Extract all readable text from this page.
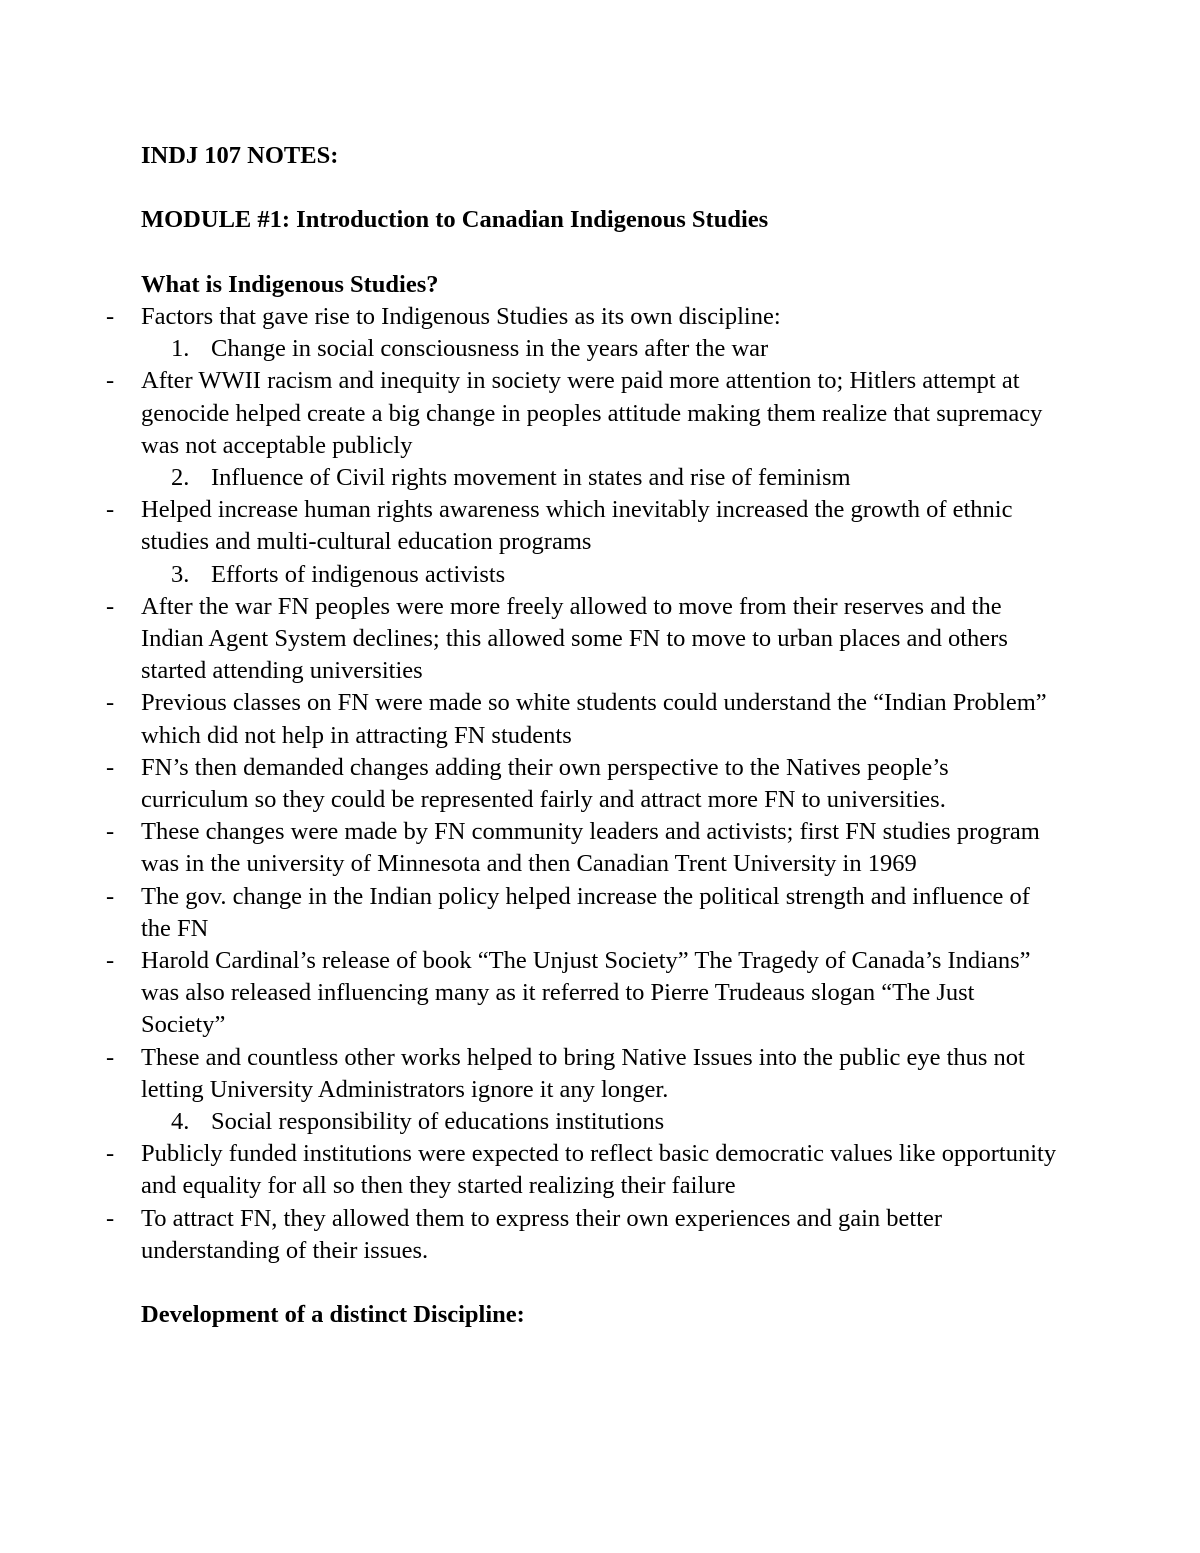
INDJ 107 NOTES:
MODULE #1: Introduction to Canadian Indigenous Studies
What is Indigenous Studies?
- Factors that gave rise to Indigenous Studies as its own discipline:
1. Change in social consciousness in the years after the war
- After WWII racism and inequity in society were paid more attention to; Hitlers attempt at genocide helped create a big change in peoples attitude making them realize that supremacy was not acceptable publicly
2. Influence of Civil rights movement in states and rise of feminism
- Helped increase human rights awareness which inevitably increased the growth of ethnic studies and multi-cultural education programs
3. Efforts of indigenous activists
- After the war FN peoples were more freely allowed to move from their reserves and the Indian Agent System declines; this allowed some FN to move to urban places and others started attending universities
- Previous classes on FN were made so white students could understand the “Indian Problem” which did not help in attracting FN students
- FN’s then demanded changes adding their own perspective to the Natives people’s curriculum so they could be represented fairly and attract more FN to universities.
- These changes were made by FN community leaders and activists; first FN studies program was in the university of Minnesota and then Canadian Trent University in 1969
- The gov. change in the Indian policy helped increase the political strength and influence of the FN
- Harold Cardinal’s release of book “The Unjust Society” The Tragedy of Canada’s Indians” was also released influencing many as it referred to Pierre Trudeaus slogan “The Just Society”
- These and countless other works helped to bring Native Issues into the public eye thus not letting University Administrators ignore it any longer.
4. Social responsibility of educations institutions
- Publicly funded institutions were expected to reflect basic democratic values like opportunity and equality for all so then they started realizing their failure
- To attract FN, they allowed them to express their own experiences and gain better understanding of their issues.
Development of a distinct Discipline:
